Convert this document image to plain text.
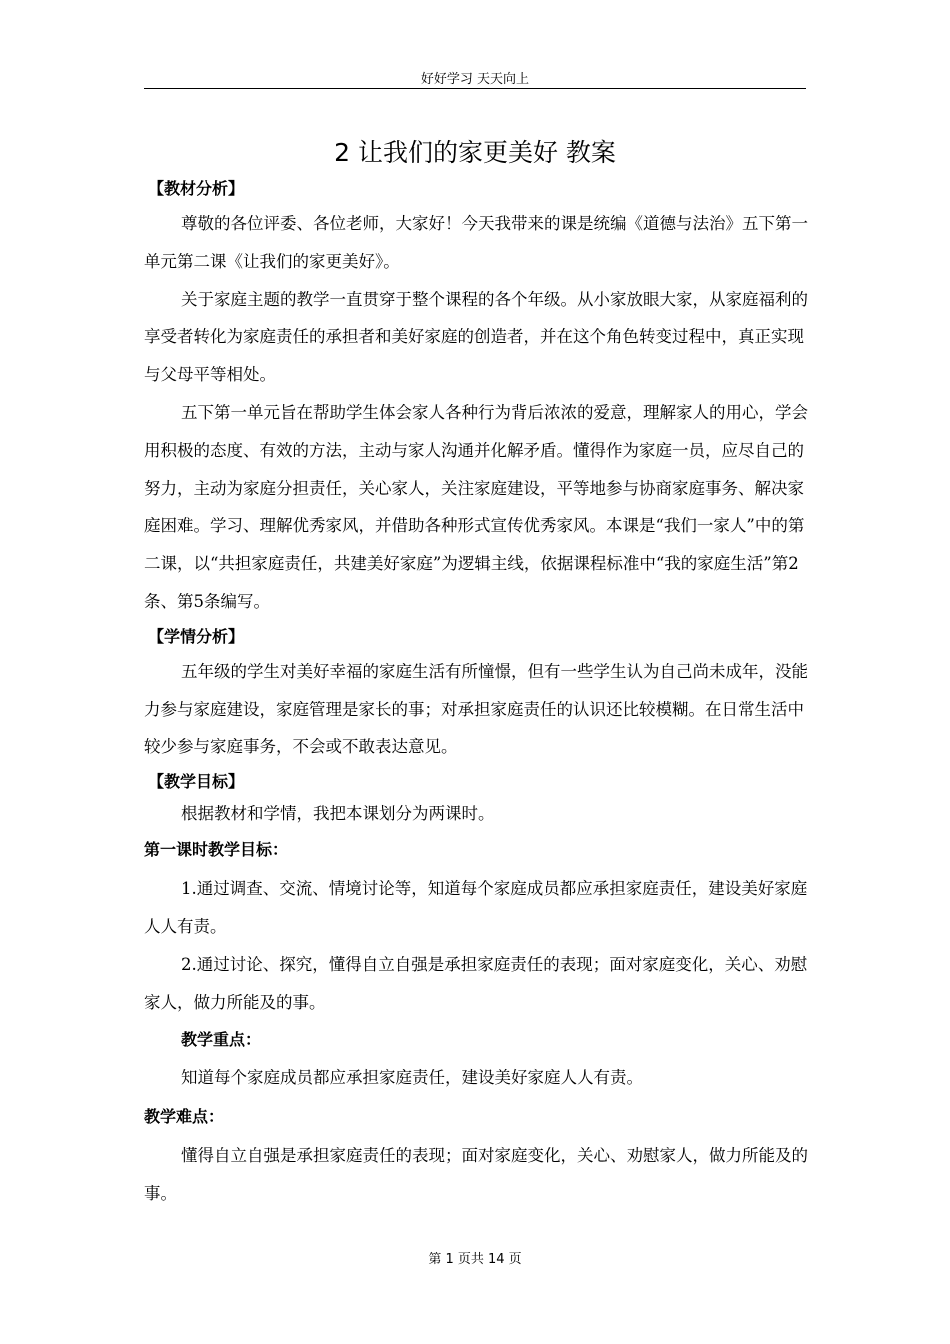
好好学习 天天向上
2 让我们的家更美好 教案
【教材分析】

尊敬的各位评委、各位老师，大家好！今天我带来的课是统编《道德与法治》五下第一单元第二课《让我们的家更美好》。

关于家庭主题的教学一直贯穿于整个课程的各个年级。从小家放眼大家，从家庭福利的享受者转化为家庭责任的承担者和美好家庭的创造者，并在这个角色转变过程中，真正实现与父母平等相处。

五下第一单元旨在帮助学生体会家人各种行为背后浓浓的爱意，理解家人的用心，学会用积极的态度、有效的方法，主动与家人沟通并化解矛盾。懂得作为家庭一员，应尽自己的努力，主动为家庭分担责任，关心家人，关注家庭建设，平等地参与协商家庭事务、解决家庭困难。学习、理解优秀家风，并借助各种形式宣传优秀家风。本课是“我们一家人”中的第二课，以“共担家庭责任，共建美好家庭”为逻辑主线，依据课程标准中“我的家庭生活”第2条、第5条编写。

【学情分析】

五年级的学生对美好幸福的家庭生活有所憧憬，但有一些学生认为自己尚未成年，没能力参与家庭建设，家庭管理是家长的事；对承担家庭责任的认识还比较模糊。在日常生活中较少参与家庭事务，不会或不敢表达意见。

【教学目标】

根据教材和学情，我把本课划分为两课时。

第一课时教学目标：

1.通过调查、交流、情境讨论等，知道每个家庭成员都应承担家庭责任，建设美好家庭人人有责。

2.通过讨论、探究，懂得自立自强是承担家庭责任的表现；面对家庭变化，关心、劝慰家人，做力所能及的事。

教学重点：

知道每个家庭成员都应承担家庭责任，建设美好家庭人人有责。

教学难点：

懂得自立自强是承担家庭责任的表现；面对家庭变化，关心、劝慰家人，做力所能及的事。

第 1 页共 14 页
